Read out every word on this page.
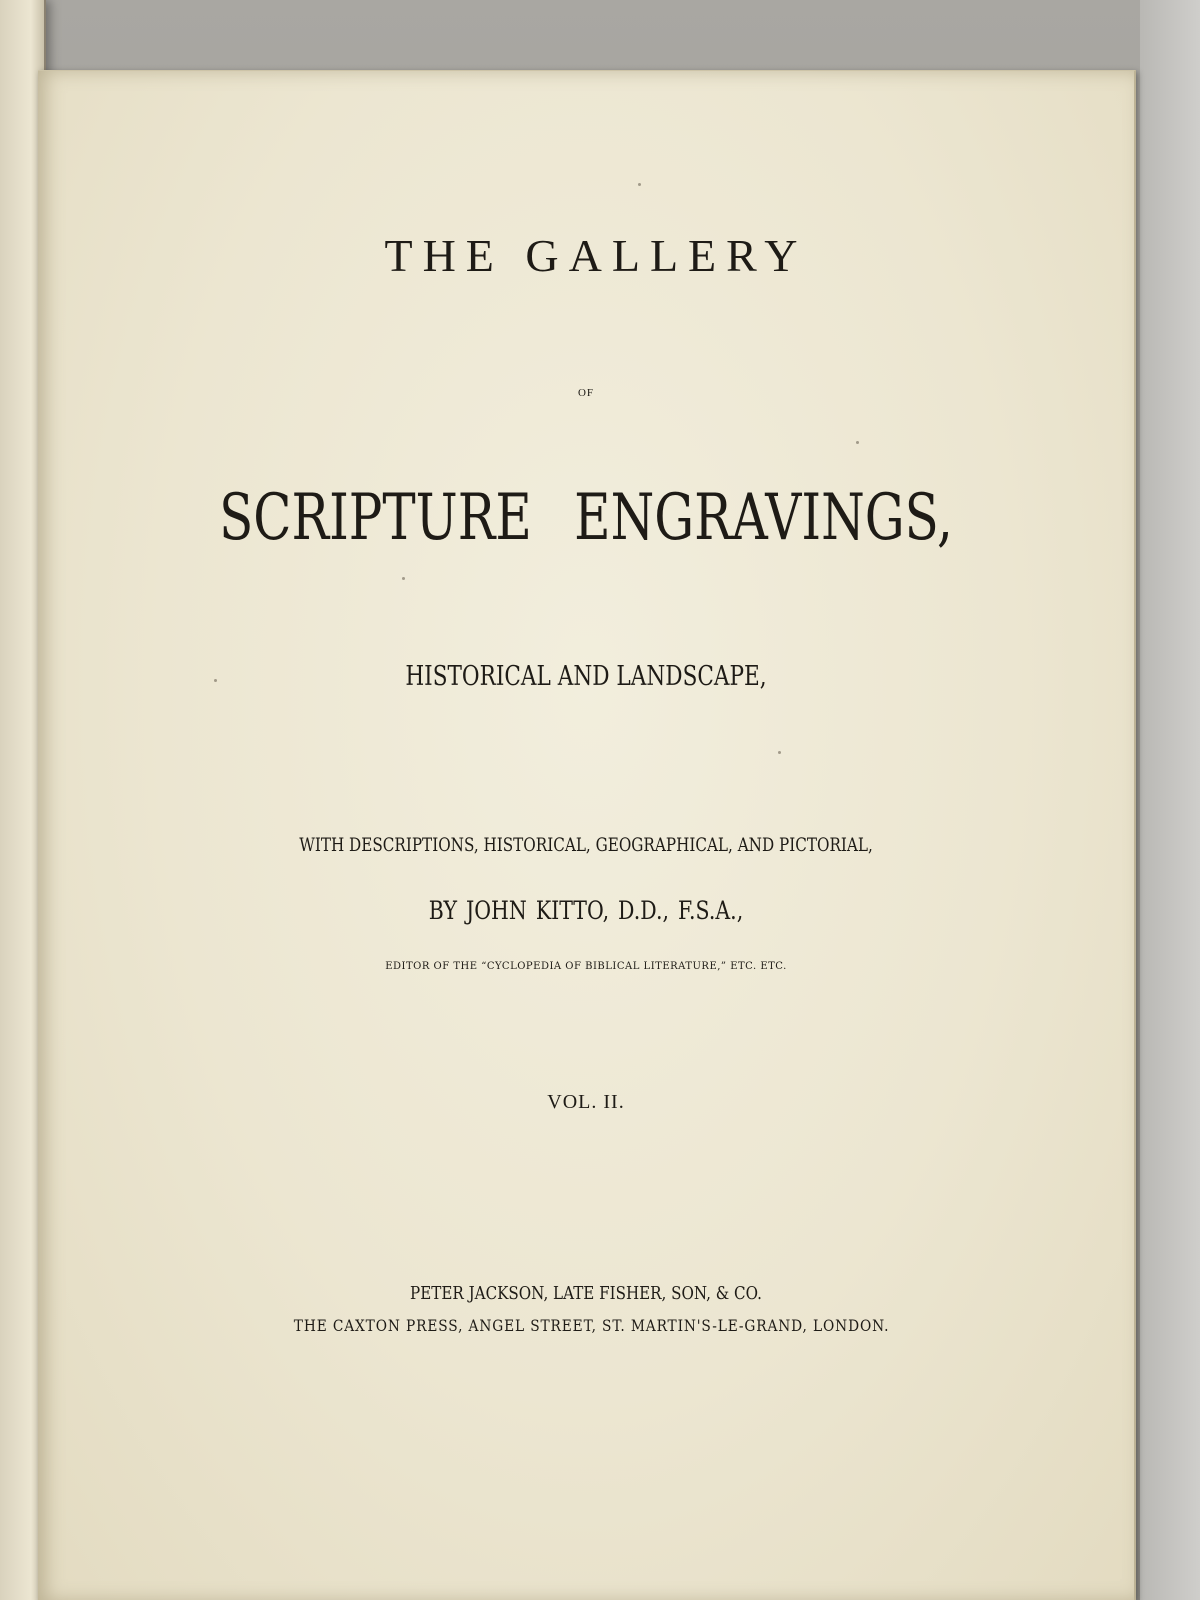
THE GALLERY
OF
SCRIPTURE ENGRAVINGS,
HISTORICAL AND LANDSCAPE,
WITH DESCRIPTIONS, HISTORICAL, GEOGRAPHICAL, AND PICTORIAL,
BY JOHN KITTO, D.D., F.S.A.,
EDITOR OF THE “CYCLOPEDIA OF BIBLICAL LITERATURE,” ETC. ETC.
VOL. II.
PETER JACKSON, LATE FISHER, SON, & CO.
THE CAXTON PRESS, ANGEL STREET, ST. MARTIN'S-LE-GRAND, LONDON.
